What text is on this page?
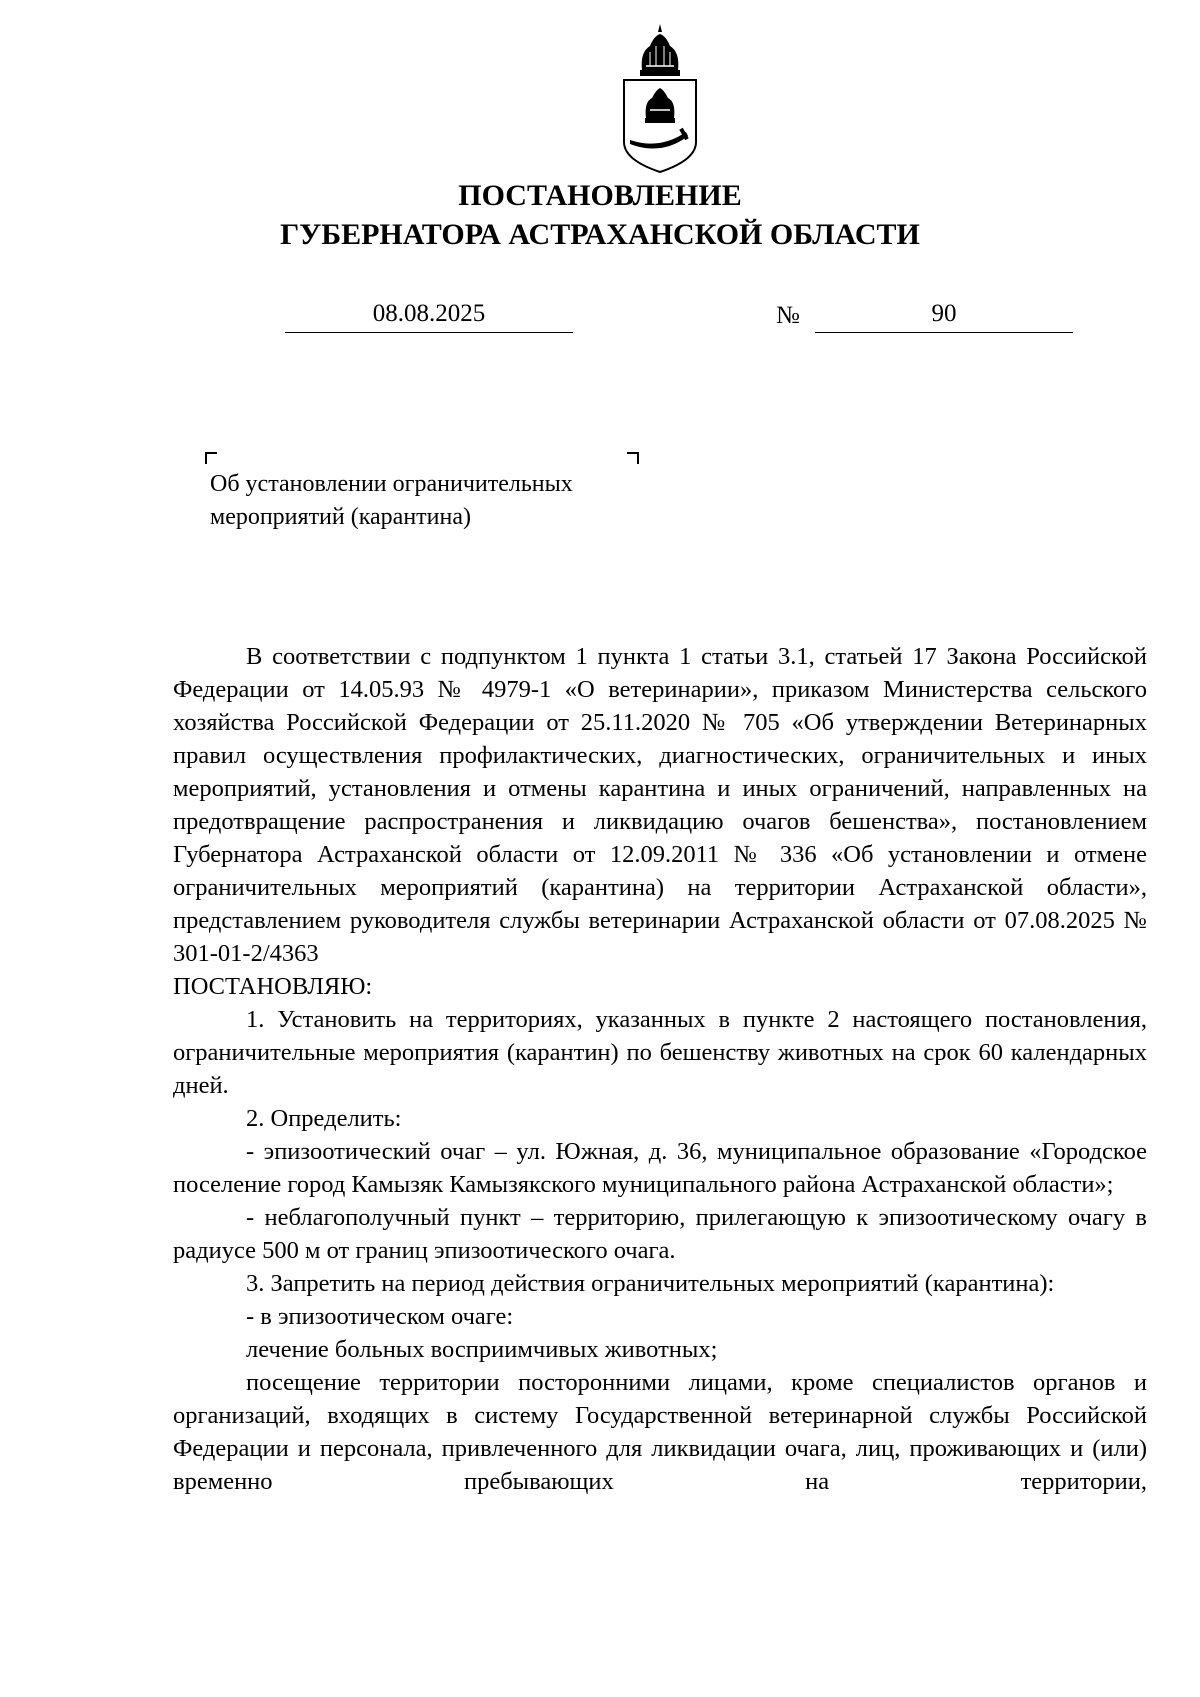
ПОСТАНОВЛЕНИЕ
ГУБЕРНАТОРА АСТРАХАНСКОЙ ОБЛАСТИ
08.08.2025	№	90
Об установлении ограничительных
мероприятий (карантина)

В соответствии с подпунктом 1 пункта 1 статьи 3.1, статьей 17 Закона Российской Федерации от 14.05.93 № 4979-1 «О ветеринарии», приказом Министерства сельского хозяйства Российской Федерации от 25.11.2020 № 705 «Об утверждении Ветеринарных правил осуществления профилактических, диагностических, ограничительных и иных мероприятий, установления и отмены карантина и иных ограничений, направленных на предотвращение распространения и ликвидацию очагов бешенства», постановлением Губернатора Астраханской области от 12.09.2011 № 336 «Об установлении и отмене ограничительных мероприятий (карантина) на территории Астраханской области», представлением руководителя службы ветеринарии Астраханской области от 07.08.2025 № 301-01-2/4363

ПОСТАНОВЛЯЮ:

1. Установить на территориях, указанных в пункте 2 настоящего постановления, ограничительные мероприятия (карантин) по бешенству животных на срок 60 календарных дней.

2. Определить:

- эпизоотический очаг – ул. Южная, д. 36, муниципальное образование «Городское поселение город Камызяк Камызякского муниципального района Астраханской области»;

- неблагополучный пункт – территорию, прилегающую к эпизоотическому очагу в радиусе 500 м от границ эпизоотического очага.

3. Запретить на период действия ограничительных мероприятий (карантина):

- в эпизоотическом очаге:

лечение больных восприимчивых животных;

посещение территории посторонними лицами, кроме специалистов органов и организаций, входящих в систему Государственной ветеринарной службы Российской Федерации и персонала, привлеченного для ликвидации очага, лиц, проживающих и (или) временно пребывающих на территории,
